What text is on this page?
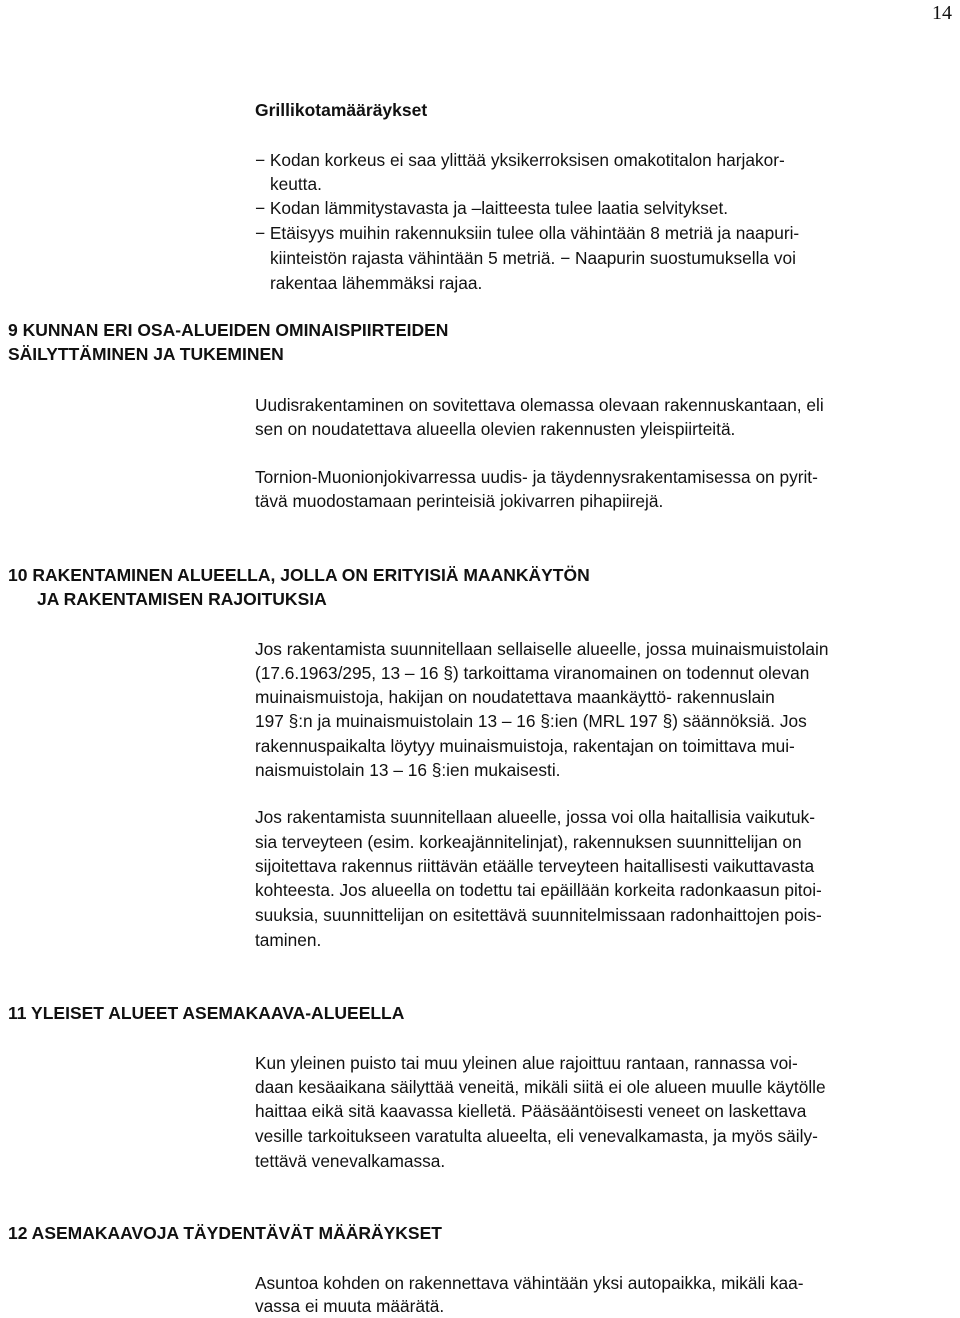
14
Grillikotamääräykset
− Kodan korkeus ei saa ylittää yksikerroksisen omakotitalon harjakor-
keutta.
− Kodan lämmitystavasta ja –laitteesta tulee laatia selvitykset.
− Etäisyys muihin rakennuksiin tulee olla vähintään 8 metriä ja naapuri-
kiinteistön rajasta vähintään 5 metriä. − Naapurin suostumuksella voi
rakentaa lähemmäksi rajaa.
9 KUNNAN ERI OSA-ALUEIDEN OMINAISPIIRTEIDEN
SÄILYTTÄMINEN JA TUKEMINEN
Uudisrakentaminen on sovitettava olemassa olevaan rakennuskantaan, eli
sen on noudatettava alueella olevien rakennusten yleispiirteitä.
Tornion-Muonionjokivarressa uudis- ja täydennysrakentamisessa on pyrit-
tävä muodostamaan perinteisiä jokivarren pihapiirejä.
10 RAKENTAMINEN ALUEELLA, JOLLA ON ERITYISIÄ MAANKÄYTÖN
JA RAKENTAMISEN RAJOITUKSIA
Jos rakentamista suunnitellaan sellaiselle alueelle, jossa muinaismuistolain
(17.6.1963/295, 13 – 16 §) tarkoittama viranomainen on todennut olevan
muinaismuistoja, hakijan on noudatettava maankäyttö- rakennuslain
197 §:n ja muinaismuistolain 13 – 16 §:ien (MRL 197 §) säännöksiä. Jos
rakennuspaikalta löytyy muinaismuistoja, rakentajan on toimittava mui-
naismuistolain 13 – 16 §:ien mukaisesti.
Jos rakentamista suunnitellaan alueelle, jossa voi olla haitallisia vaikutuk-
sia terveyteen (esim. korkeajännitelinjat), rakennuksen suunnittelijan on
sijoitettava rakennus riittävän etäälle terveyteen haitallisesti vaikuttavasta
kohteesta. Jos alueella on todettu tai epäillään korkeita radonkaasun pitoi-
suuksia, suunnittelijan on esitettävä suunnitelmissaan radonhaittojen pois-
taminen.
11 YLEISET ALUEET ASEMAKAAVA-ALUEELLA
Kun yleinen puisto tai muu yleinen alue rajoittuu rantaan, rannassa voi-
daan kesäaikana säilyttää veneitä, mikäli siitä ei ole alueen muulle käytölle
haittaa eikä sitä kaavassa kielletä. Pääsääntöisesti veneet on laskettava
vesille tarkoitukseen varatulta alueelta, eli venevalkamasta, ja myös säily-
tettävä venevalkamassa.
12 ASEMAKAAVOJA TÄYDENTÄVÄT MÄÄRÄYKSET
Asuntoa kohden on rakennettava vähintään yksi autopaikka, mikäli kaa-
vassa ei muuta määrätä.
